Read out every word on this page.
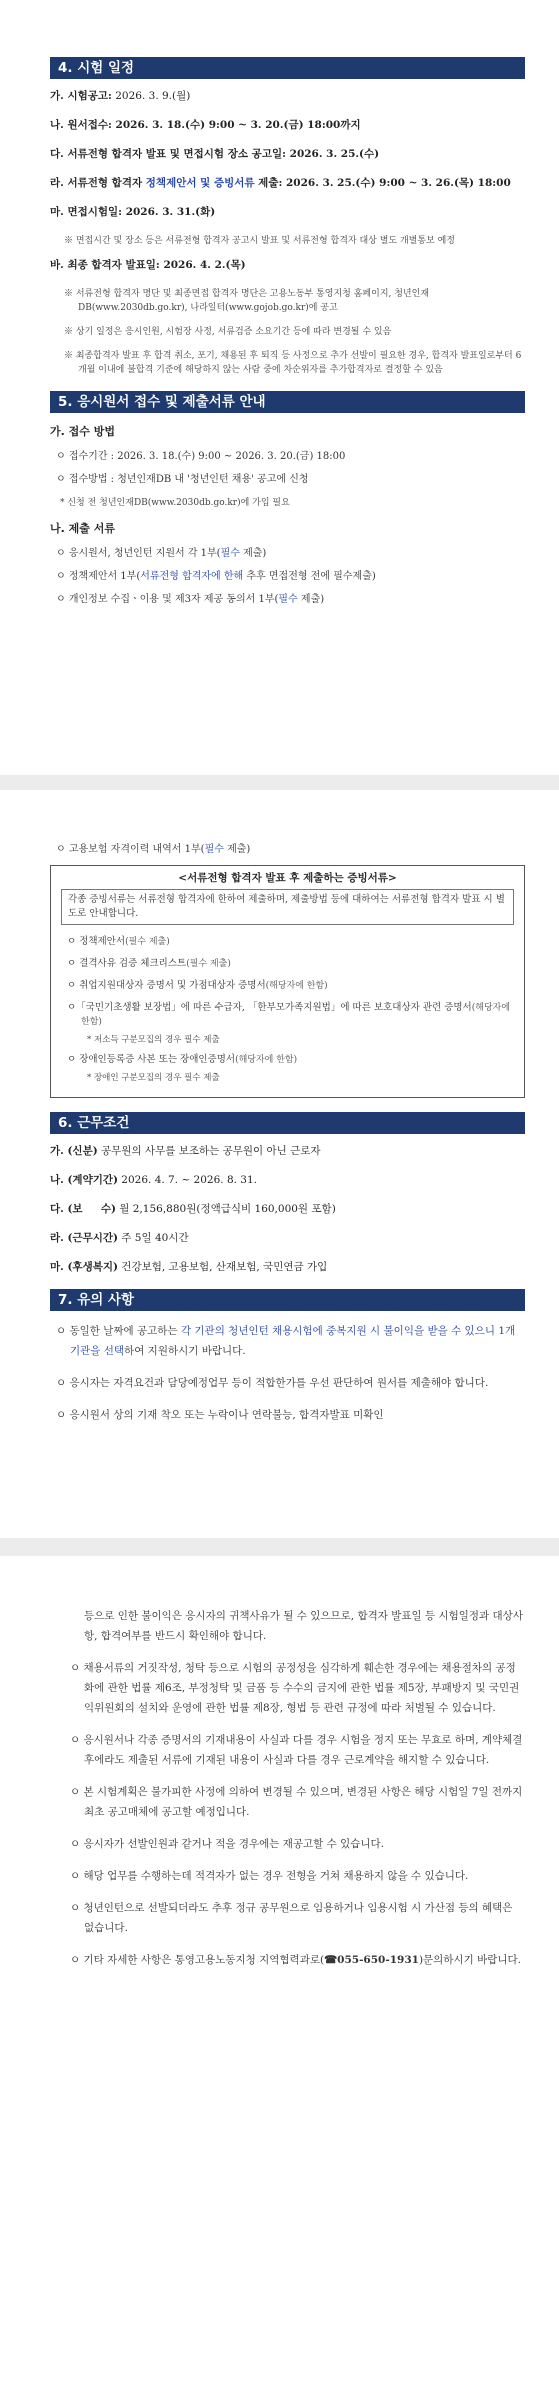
4. 시험 일정
가. 시험공고: 2026. 3. 9.(월)
나. 원서접수: 2026. 3. 18.(수) 9:00 ~ 3. 20.(금) 18:00까지
다. 서류전형 합격자 발표 및 면접시험 장소 공고일: 2026. 3. 25.(수)
라. 서류전형 합격자 정책제안서 및 증빙서류 제출: 2026. 3. 25.(수) 9:00 ~ 3. 26.(목) 18:00
마. 면접시험일: 2026. 3. 31.(화)
※ 면접시간 및 장소 등은 서류전형 합격자 공고시 발표 및 서류전형 합격자 대상 별도 개별통보 예정
바. 최종 합격자 발표일: 2026. 4. 2.(목)
※ 서류전형 합격자 명단 및 최종면접 합격자 명단은 고용노동부 통영지청 홈페이지, 청년인재DB(www.2030db.go.kr), 나라일터(www.gojob.go.kr)에 공고
※ 상기 일정은 응시인원, 시험장 사정, 서류검증 소요기간 등에 따라 변경될 수 있음
※ 최종합격자 발표 후 합격 취소, 포기, 채용된 후 퇴직 등 사정으로 추가 선발이 필요한 경우, 합격자 발표일로부터 6개월 이내에 불합격 기준에 해당하지 않는 사람 중에 차순위자를 추가합격자로 결정할 수 있음
5. 응시원서 접수 및 제출서류 안내
가. 접수 방법
ㅇ 접수기간 : 2026. 3. 18.(수) 9:00 ~ 2026. 3. 20.(금) 18:00
ㅇ 접수방법 : 청년인재DB 내 '청년인턴 채용' 공고에 신청
* 신청 전 청년인재DB(www.2030db.go.kr)에 가입 필요
나. 제출 서류
ㅇ 응시원서, 청년인턴 지원서 각 1부(필수 제출)
ㅇ 정책제안서 1부(서류전형 합격자에 한해 추후 면접전형 전에 필수제출)
ㅇ 개인정보 수집ㆍ이용 및 제3자 제공 동의서 1부(필수 제출)
ㅇ 고용보험 자격이력 내역서 1부(필수 제출)
<서류전형 합격자 발표 후 제출하는 증빙서류>
각종 증빙서류는 서류전형 합격자에 한하여 제출하며, 제출방법 등에 대하여는 서류전형 합격자 발표 시 별도로 안내합니다.
ㅇ 정책제안서(필수 제출)
ㅇ 결격사유 검증 체크리스트(필수 제출)
ㅇ 취업지원대상자 증명서 및 가점대상자 증명서(해당자에 한함)
ㅇ「국민기초생활 보장법」에 따른 수급자, 「한부모가족지원법」에 따른 보호대상자 관련 증명서(해당자에 한함)
* 저소득 구분모집의 경우 필수 제출
ㅇ 장애인등록증 사본 또는 장애인증명서(해당자에 한함)
* 장애인 구분모집의 경우 필수 제출
6. 근무조건
가. (신분) 공무원의 사무를 보조하는 공무원이 아닌 근로자
나. (계약기간) 2026. 4. 7. ~ 2026. 8. 31.
다. (보     수) 월 2,156,880원(정액급식비 160,000원 포함)
라. (근무시간) 주 5일 40시간
마. (후생복지) 건강보험, 고용보험, 산재보험, 국민연금 가입
7. 유의 사항
ㅇ 동일한 날짜에 공고하는 각 기관의 청년인턴 채용시험에 중복지원 시 불이익을 받을 수 있으니 1개 기관을 선택하여 지원하시기 바랍니다.
ㅇ 응시자는 자격요건과 담당예정업무 등이 적합한가를 우선 판단하여 원서를 제출해야 합니다.
ㅇ 응시원서 상의 기재 착오 또는 누락이나 연락불능, 합격자발표 미확인
등으로 인한 불이익은 응시자의 귀책사유가 될 수 있으므로, 합격자 발표일 등 시험일정과 대상사항, 합격여부를 반드시 확인해야 합니다.
ㅇ 채용서류의 거짓작성, 청탁 등으로 시험의 공정성을 심각하게 훼손한 경우에는 채용절차의 공정화에 관한 법률 제6조, 부정청탁 및 금품 등 수수의 금지에 관한 법률 제5장, 부패방지 및 국민권익위원회의 설치와 운영에 관한 법률 제8장, 형법 등 관련 규정에 따라 처벌될 수 있습니다.
ㅇ 응시원서나 각종 증명서의 기재내용이 사실과 다를 경우 시험을 정지 또는 무효로 하며, 계약체결 후에라도 제출된 서류에 기재된 내용이 사실과 다를 경우 근로계약을 해지할 수 있습니다.
ㅇ 본 시험계획은 불가피한 사정에 의하여 변경될 수 있으며, 변경된 사항은 해당 시험일 7일 전까지 최초 공고매체에 공고할 예정입니다.
ㅇ 응시자가 선발인원과 같거나 적을 경우에는 재공고할 수 있습니다.
ㅇ 해당 업무를 수행하는데 적격자가 없는 경우 전형을 거쳐 채용하지 않을 수 있습니다.
ㅇ 청년인턴으로 선발되더라도 추후 정규 공무원으로 임용하거나 임용시험 시 가산점 등의 혜택은 없습니다.
ㅇ 기타 자세한 사항은 통영고용노동지청 지역협력과로(☎055-650-1931)문의하시기 바랍니다.
